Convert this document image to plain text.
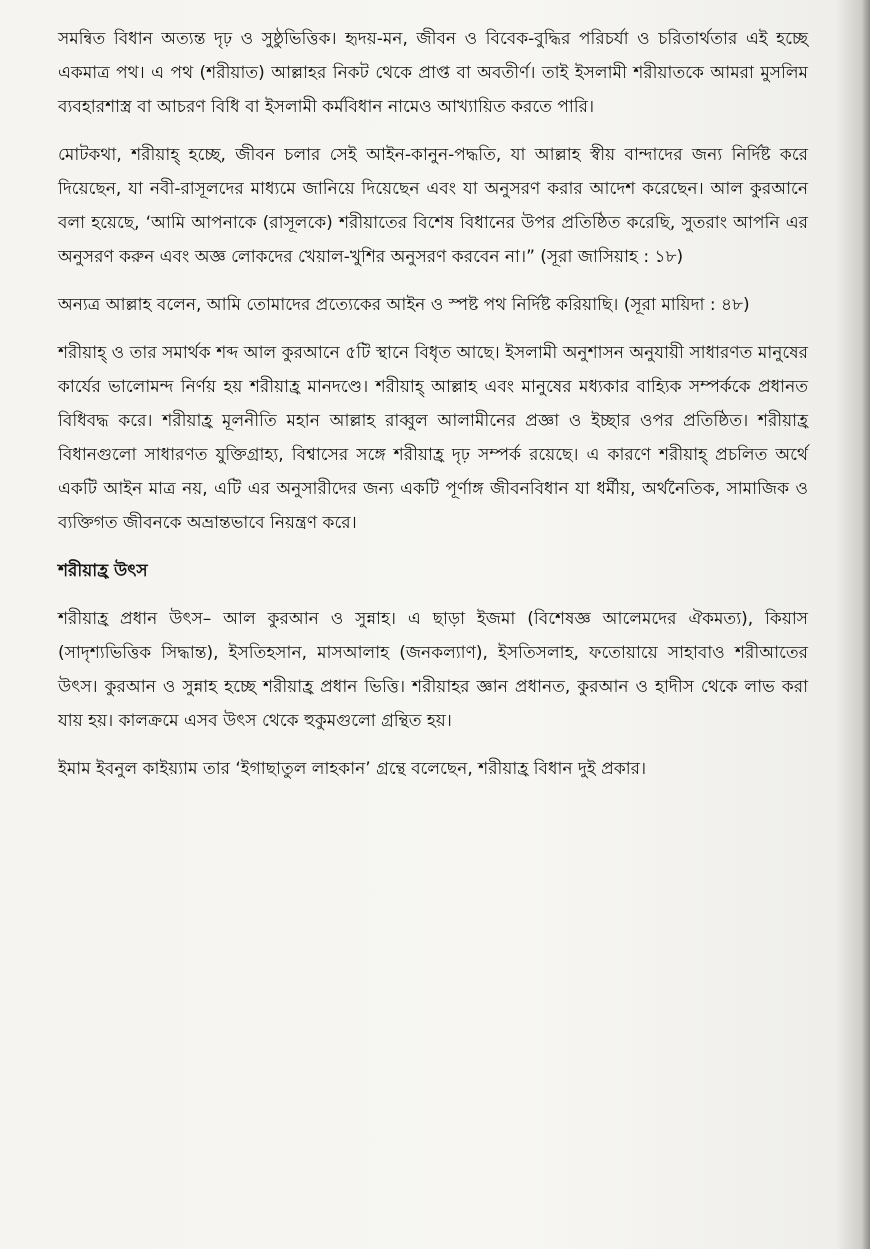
সমন্বিত বিধান অত্যন্ত দৃঢ় ও সুষ্ঠুভিত্তিক। হৃদয়-মন, জীবন ও বিবেক-বুদ্ধির পরিচর্যা ও চরিতার্থতার এই হচ্ছে একমাত্র পথ। এ পথ (শরীয়াত) আল্লাহর নিকট থেকে প্রাপ্ত বা অবতীর্ণ। তাই ইসলামী শরীয়াতকে আমরা মুসলিম ব্যবহারশাস্ত্র বা আচরণ বিধি বা ইসলামী কর্মবিধান নামেও আখ্যায়িত করতে পারি।

মোটকথা, শরীয়াহ্ হচ্ছে, জীবন চলার সেই আইন-কানুন-পদ্ধতি, যা আল্লাহ স্বীয় বান্দাদের জন্য নির্দিষ্ট করে দিয়েছেন, যা নবী-রাসূলদের মাধ্যমে জানিয়ে দিয়েছেন এবং যা অনুসরণ করার আদেশ করেছেন। আল কুরআনে বলা হয়েছে, ‘আমি আপনাকে (রাসূলকে) শরীয়াতের বিশেষ বিধানের উপর প্রতিষ্ঠিত করেছি, সুতরাং আপনি এর অনুসরণ করুন এবং অজ্ঞ লোকদের খেয়াল-খুশির অনুসরণ করবেন না।” (সূরা জাসিয়াহ : ১৮)

অন্যত্র আল্লাহ বলেন, আমি তোমাদের প্রত্যেকের আইন ও স্পষ্ট পথ নির্দিষ্ট করিয়াছি। (সূরা মায়িদা : ৪৮)

শরীয়াহ্ ও তার সমার্থক শব্দ আল কুরআনে ৫টি স্থানে বিধৃত আছে। ইসলামী অনুশাসন অনুযায়ী সাধারণত মানুষের কার্যের ভালোমন্দ নির্ণয় হয় শরীয়াহ্র মানদণ্ডে। শরীয়াহ্ আল্লাহ এবং মানুষের মধ্যকার বাহ্যিক সম্পর্ককে প্রধানত বিধিবদ্ধ করে। শরীয়াহ্র মূলনীতি মহান আল্লাহ রাব্বুল আলামীনের প্রজ্ঞা ও ইচ্ছার ওপর প্রতিষ্ঠিত। শরীয়াহ্র বিধানগুলো সাধারণত যুক্তিগ্রাহ্য, বিশ্বাসের সঙ্গে শরীয়াহ্র দৃঢ় সম্পর্ক রয়েছে। এ কারণে শরীয়াহ্ প্রচলিত অর্থে একটি আইন মাত্র নয়, এটি এর অনুসারীদের জন্য একটি পূর্ণাঙ্গ জীবনবিধান যা ধর্মীয়, অর্থনৈতিক, সামাজিক ও ব্যক্তিগত জীবনকে অভ্রান্তভাবে নিয়ন্ত্রণ করে।

শরীয়াহ্র উৎস

শরীয়াহ্র প্রধান উৎস– আল কুরআন ও সুন্নাহ। এ ছাড়া ইজমা (বিশেষজ্ঞ আলেমদের ঐকমত্য), কিয়াস (সাদৃশ্যভিত্তিক সিদ্ধান্ত), ইসতিহসান, মাসআলাহ (জনকল্যাণ), ইসতিসলাহ, ফতোয়ায়ে সাহাবাও শরীআতের উৎস। কুরআন ও সুন্নাহ হচ্ছে শরীয়াহ্র প্রধান ভিত্তি। শরীয়াহর জ্ঞান প্রধানত, কুরআন ও হাদীস থেকে লাভ করা যায় হয়। কালক্রমে এসব উৎস থেকে হুকুমগুলো গ্রন্থিত হয়।

ইমাম ইবনুল কাইয়্যাম তার ‘ইগাছাতুল লাহকান’ গ্রন্থে বলেছেন, শরীয়াহ্র বিধান দুই প্রকার।
